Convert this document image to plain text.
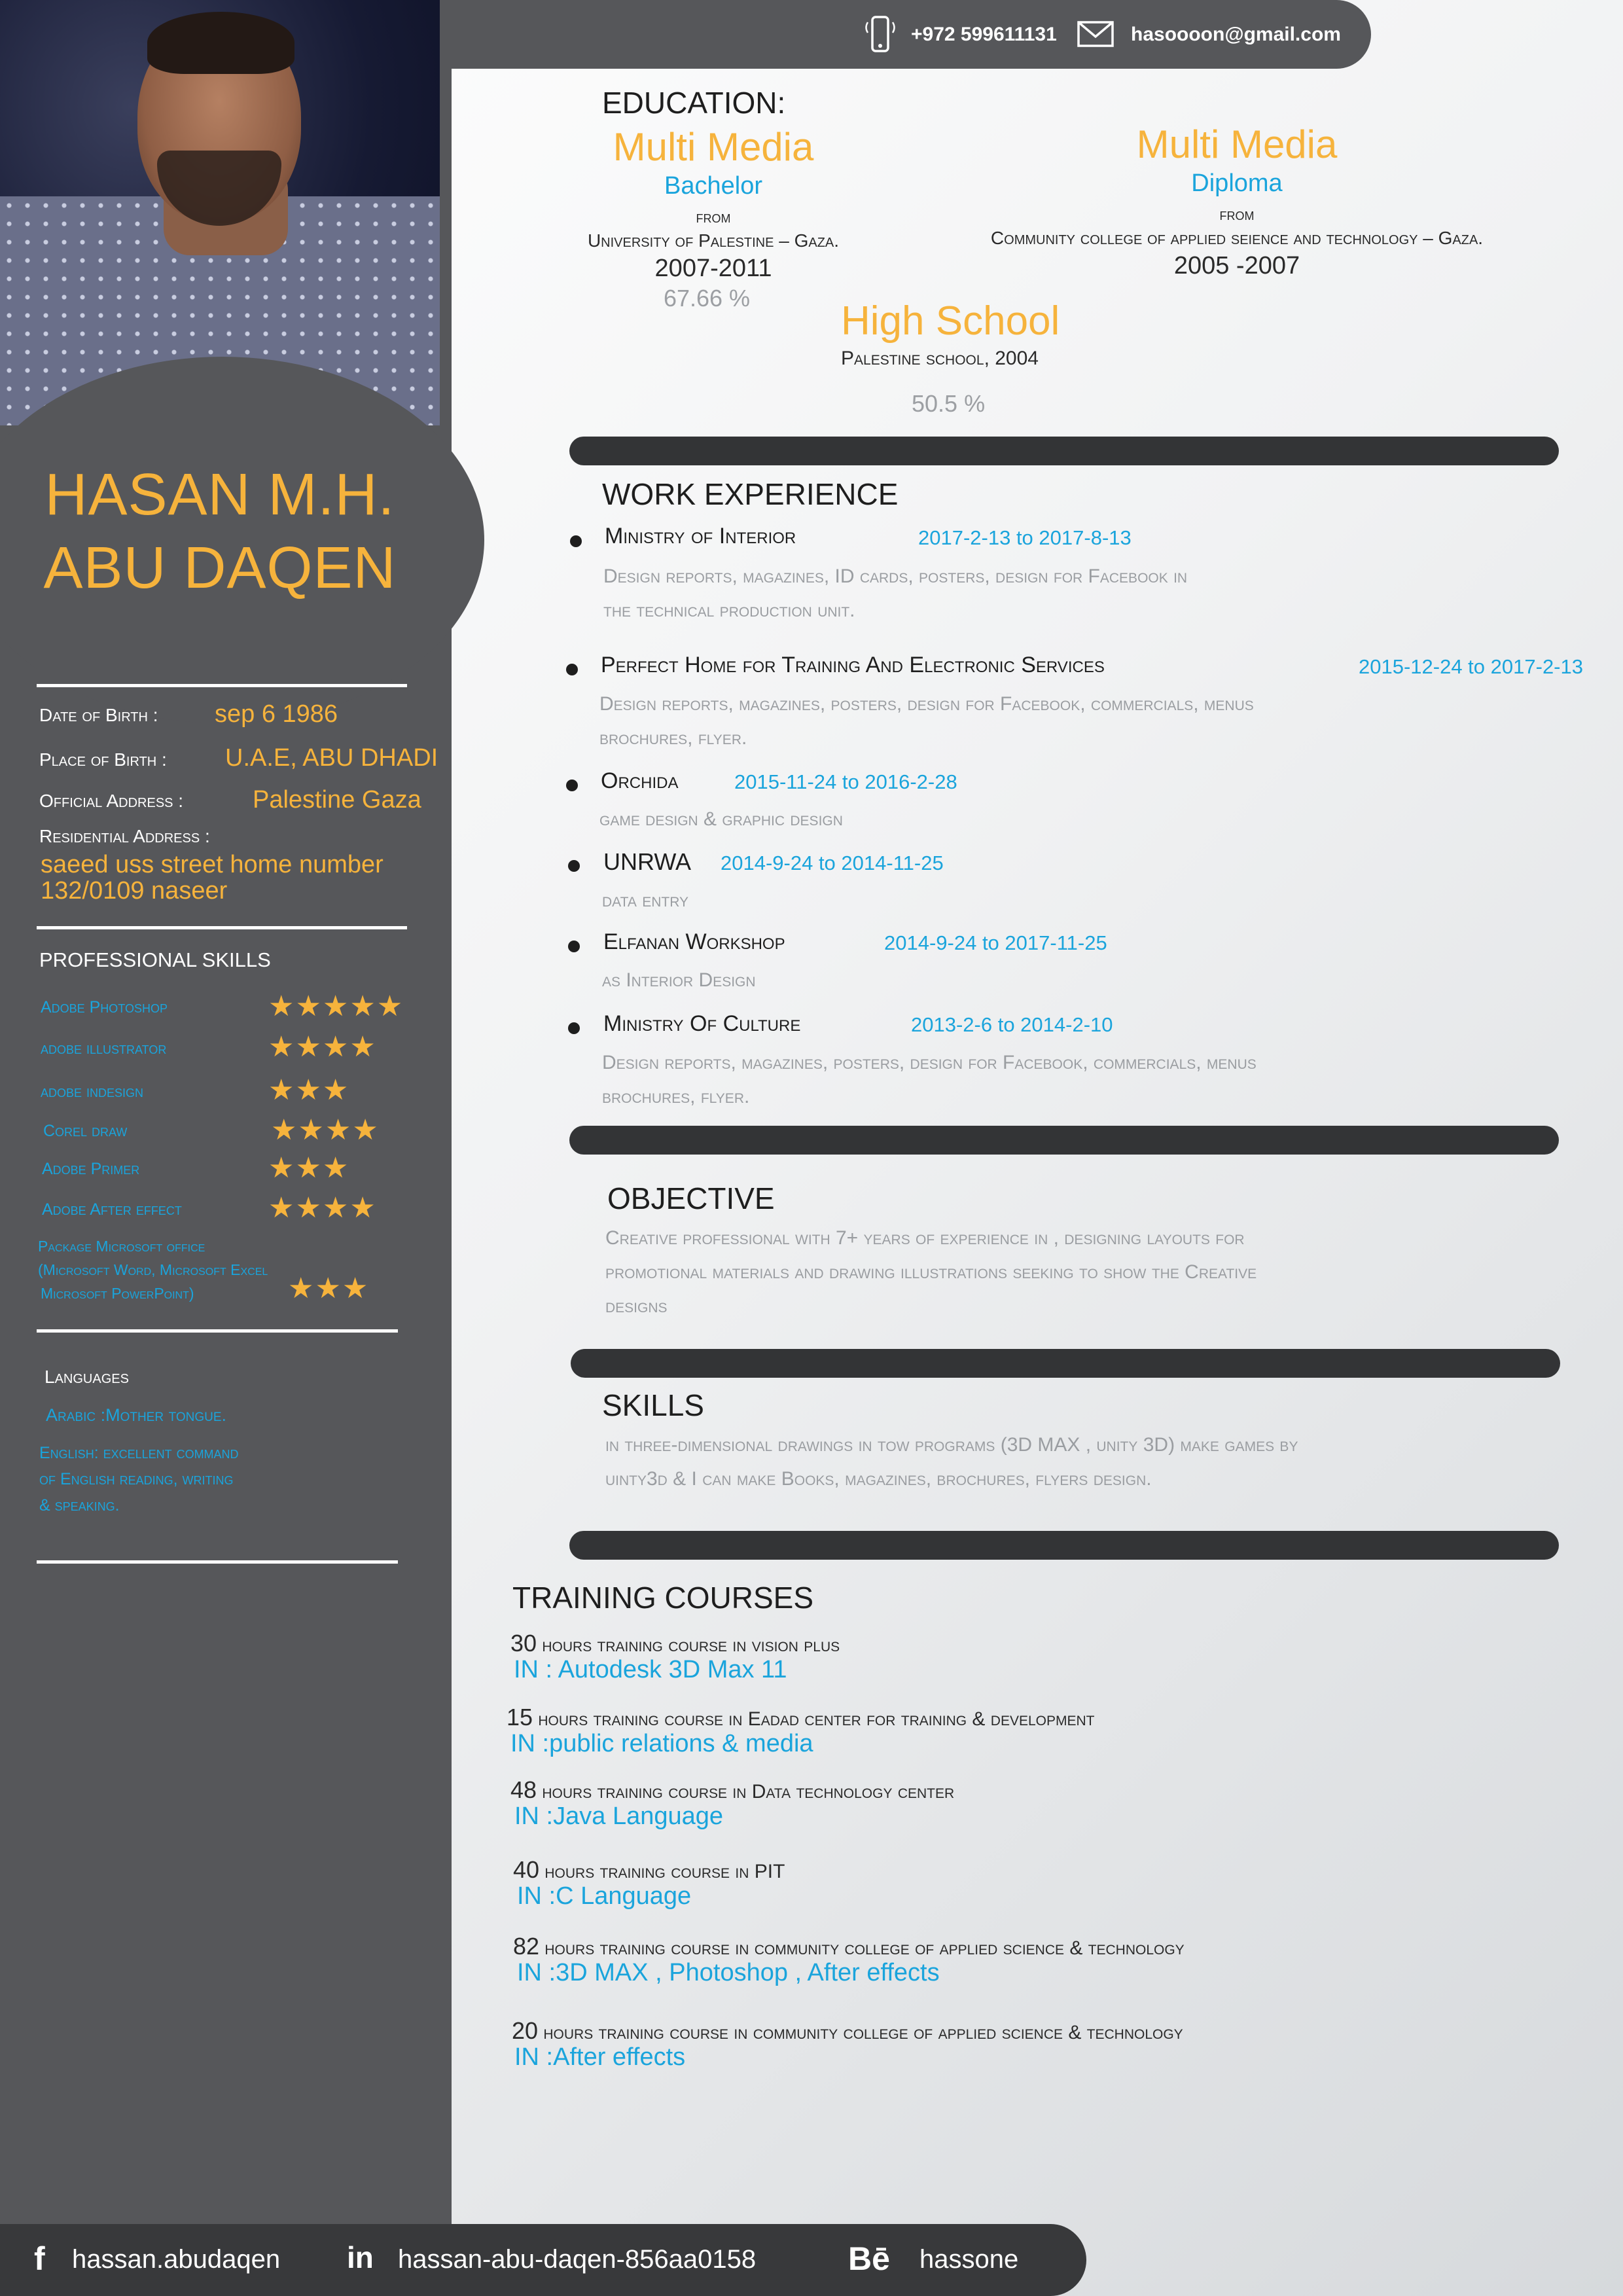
HASAN M.H.
ABU DAQEN
Date of Birth : sep 6 1986
Place of Birth : U.A.E, ABU DHADI
Official Address :	Palestine Gaza
Residential Address :
saeed uss street home number
132/0109 naseer
PROFESSIONAL SKILLS
Adobe Photoshop	★★★★★
adobe illustrator	★★★★
adobe indesign	★★★
Corel draw	★★★★
Adobe Primer	★★★
Adobe After effect	★★★★
Package Microsoft office
(Microsoft Word, Microsoft Excel
Microsoft PowerPoint)	★★★
Languages
Arabic :Mother tongue.
English: excellent command
of English reading, writing
& speaking.
+972 599611131	hasoooon@gmail.com
EDUCATION:
Multi Media
Bachelor
from
University of Palestine – Gaza.
2007-2011
67.66 %
Multi Media
Diploma
from
Community college of applied seience and technology – Gaza.
2005 -2007
High School
Palestine school, 2004
50.5 %
WORK EXPERIENCE
Ministry of Interior	2017-2-13 to 2017-8-13
Design reports, magazines, ID cards, posters, design for Facebook in
the technical production unit.
Perfect Home for Training And Electronic Services	2015-12-24 to 2017-2-13
Design reports, magazines, posters, design for Facebook, commercials, menus
brochures, flyer.
Orchida	2015-11-24 to 2016-2-28
game design & graphic design
UNRWA 2014-9-24 to 2014-11-25
data entry
Elfanan Workshop	2014-9-24 to 2017-11-25
as Interior Design
Ministry Of Culture	2013-2-6 to 2014-2-10
Design reports, magazines, posters, design for Facebook, commercials, menus
brochures, flyer.
OBJECTIVE
Creative professional with 7+ years of experience in , designing layouts for
promotional materials and drawing illustrations seeking to show the Creative
designs
SKILLS
in three-dimensional drawings in tow programs (3D MAX , unity 3D) make games by
uinty3d & I can make Books, magazines, brochures, flyers design.
TRAINING COURSES
30 hours training course in vision plus
IN : Autodesk 3D Max 11
15 hours training course in Eadad center for training & development
IN :public relations & media
48 hours training course in Data technology center
IN :Java Language
40 hours training course in PIT
IN :C Language
82 hours training course in community college of applied science & technology
IN :3D MAX , Photoshop , After effects
20 hours training course in community college of applied science & technology
IN :After effects
f hassan.abudaqen in hassan-abu-daqen-856aa0158	Bē hassone
